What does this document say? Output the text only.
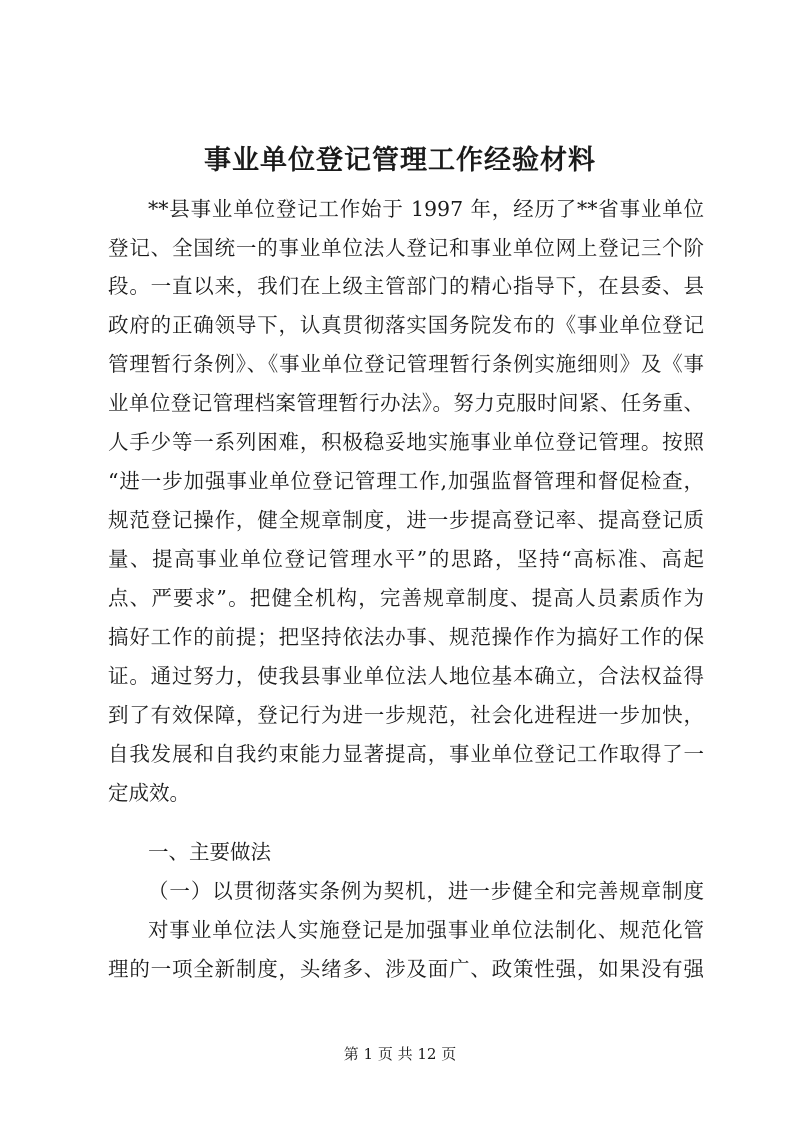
事业单位登记管理工作经验材料

**县事业单位登记工作始于 1997 年，经历了**省事业单位

登记、全国统一的事业单位法人登记和事业单位网上登记三个阶

段。一直以来，我们在上级主管部门的精心指导下，在县委、县

政府的正确领导下，认真贯彻落实国务院发布的《事业单位登记

管理暂行条例》、《事业单位登记管理暂行条例实施细则》及《事

业单位登记管理档案管理暂行办法》。努力克服时间紧、任务重、

人手少等一系列困难，积极稳妥地实施事业单位登记管理。按照

“进一步加强事业单位登记管理工作,加强监督管理和督促检查，

规范登记操作，健全规章制度，进一步提高登记率、提高登记质

量、提高事业单位登记管理水平”的思路，坚持“高标准、高起

点、严要求”。把健全机构，完善规章制度、提高人员素质作为

搞好工作的前提；把坚持依法办事、规范操作作为搞好工作的保

证。通过努力，使我县事业单位法人地位基本确立，合法权益得

到了有效保障，登记行为进一步规范，社会化进程进一步加快，

自我发展和自我约束能力显著提高，事业单位登记工作取得了一

定成效。

一、主要做法

（一）以贯彻落实条例为契机，进一步健全和完善规章制度

对事业单位法人实施登记是加强事业单位法制化、规范化管

理的一项全新制度，头绪多、涉及面广、政策性强，如果没有强

第 1 页 共 12 页
